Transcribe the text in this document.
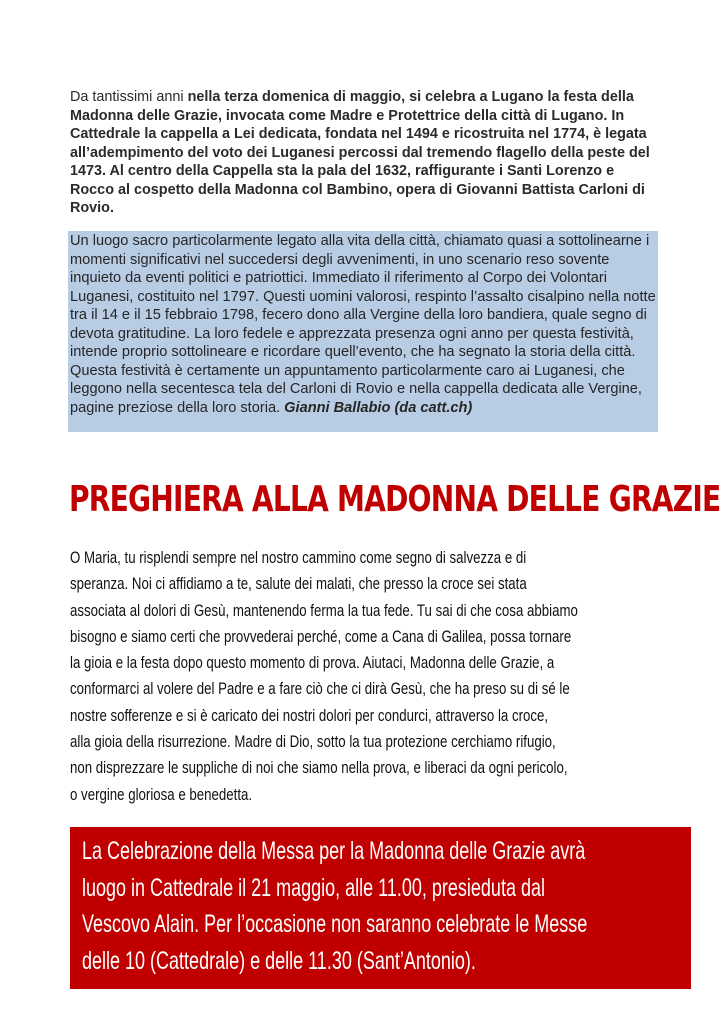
Da tantissimi anni nella terza domenica di maggio, si celebra a Lugano la festa della Madonna delle Grazie, invocata come Madre e Protettrice della città di Lugano. In Cattedrale la cappella a Lei dedicata, fondata nel 1494 e ricostruita nel 1774, è legata all’adempimento del voto dei Luganesi percossi dal tremendo flagello della peste del 1473. Al centro della Cappella sta la pala del 1632, raffigurante i Santi Lorenzo e Rocco al cospetto della Madonna col Bambino, opera di Giovanni Battista Carloni di Rovio.
Un luogo sacro particolarmente legato alla vita della città, chiamato quasi a sottolinearne i momenti significativi nel succedersi degli avvenimenti, in uno scenario reso sovente inquieto da eventi politici e patriottici. Immediato il riferimento al Corpo dei Volontari Luganesi, costituito nel 1797. Questi uomini valorosi, respinto l’assalto cisalpino nella notte tra il 14 e il 15 febbraio 1798, fecero dono alla Vergine della loro bandiera, quale segno di devota gratitudine. La loro fedele e apprezzata presenza ogni anno per questa festività, intende proprio sottolineare e ricordare quell’evento, che ha segnato la storia della città.
Questa festività è certamente un appuntamento particolarmente caro ai Luganesi, che leggono nella secentesca tela del Carloni di Rovio e nella cappella dedicata alle Vergine, pagine preziose della loro storia. Gianni Ballabio (da catt.ch)
PREGHIERA ALLA MADONNA DELLE GRAZIE
O Maria, tu risplendi sempre nel nostro cammino come segno di salvezza e di
speranza. Noi ci affidiamo a te, salute dei malati, che presso la croce sei stata
associata al dolori di Gesù, mantenendo ferma la tua fede. Tu sai di che cosa abbiamo
bisogno e siamo certi che provvederai perché, come a Cana di Galilea, possa tornare
la gioia e la festa dopo questo momento di prova. Aiutaci, Madonna delle Grazie, a
conformarci al volere del Padre e a fare ciò che ci dirà Gesù, che ha preso su di sé le
nostre sofferenze e si è caricato dei nostri dolori per condurci, attraverso la croce,
alla gioia della risurrezione. Madre di Dio, sotto la tua protezione cerchiamo rifugio,
non disprezzare le suppliche di noi che siamo nella prova, e liberaci da ogni pericolo,
o vergine gloriosa e benedetta.
La Celebrazione della Messa per la Madonna delle Grazie avrà
luogo in Cattedrale il 21 maggio, alle 11.00, presieduta dal
Vescovo Alain. Per l’occasione non saranno celebrate le Messe
delle 10 (Cattedrale) e delle 11.30 (Sant’Antonio).
